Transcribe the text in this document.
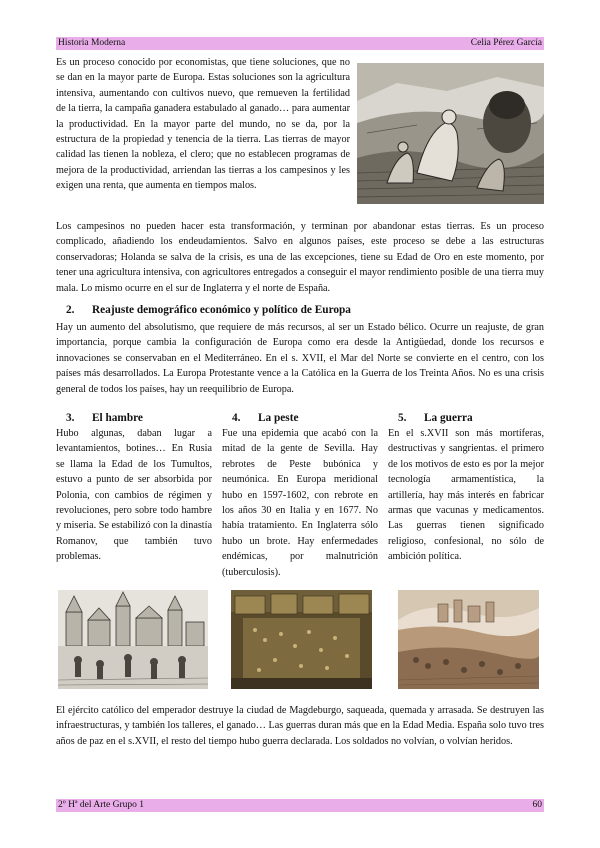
Historia Moderna	Celia Pérez García

Es un proceso conocido por economistas, que tiene soluciones, que no se dan en la mayor parte de Europa. Estas soluciones son la agricultura intensiva, aumentando con cultivos nuevo, que remueven la fertilidad de la tierra, la campaña ganadera estabulado al ganado… para aumentar la productividad. En la mayor parte del mundo, no se da, por la estructura de la propiedad y tenencia de la tierra. Las tierras de mayor calidad las tienen la nobleza, el clero; que no establecen programas de mejora de la productividad, arriendan las tierras a los campesinos y les exigen una renta, que aumenta en tiempos malos.

Los campesinos no pueden hacer esta transformación, y terminan por abandonar estas tierras. Es un proceso complicado, añadiendo los endeudamientos. Salvo en algunos países, este proceso se debe a las estructuras conservadoras; Holanda se salva de la crisis, es una de las excepciones, tiene su Edad de Oro en este momento, por tener una agricultura intensiva, con agricultores entregados a conseguir el mayor rendimiento posible de una tierra muy mala. Lo mismo ocurre en el sur de Inglaterra y el norte de España.

2. Reajuste demográfico económico y político de Europa

Hay un aumento del absolutismo, que requiere de más recursos, al ser un Estado bélico. Ocurre un reajuste, de gran importancia, porque cambia la configuración de Europa como era desde la Antigüedad, donde los recursos e innovaciones se conservaban en el Mediterráneo. En el s. XVII, el Mar del Norte se convierte en el centro, con los países más desarrollados. La Europa Protestante vence a la Católica en la Guerra de los Treinta Años. No es una crisis general de todos los países, hay un reequilibrio de Europa.

3. El hambre

Hubo algunas, daban lugar a levantamientos, botines… En Rusia se llama la Edad de los Tumultos, estuvo a punto de ser absorbida por Polonia, con cambios de régimen y revoluciones, pero sobre todo hambre y miseria. Se estabilizó con la dinastía Romanov, que también tuvo problemas.

4. La peste

Fue una epidemia que acabó con la mitad de la gente de Sevilla. Hay rebrotes de Peste bubónica y neumónica. En Europa meridional hubo en 1597-1602, con rebrote en los años 30 en Italia y en 1677. No había tratamiento. En Inglaterra sólo hubo un brote. Hay enfermedades endémicas, por malnutrición (tuberculosis).

5. La guerra

En el s.XVII son más mortíferas, destructivas y sangrientas. el primero de los motivos de esto es por la mejor tecnología armamentística, la artillería, hay más interés en fabricar armas que vacunas y medicamentos. Las guerras tienen significado religioso, confesional, no sólo de ambición política.

El ejército católico del emperador destruye la ciudad de Magdeburgo, saqueada, quemada y arrasada. Se destruyen las infraestructuras, y también los talleres, el ganado… Las guerras duran más que en la Edad Media. España solo tuvo tres años de paz en el s.XVII, el resto del tiempo hubo guerra declarada. Los soldados no volvían, o volvían heridos.

2º Hª del Arte Grupo 1	60
